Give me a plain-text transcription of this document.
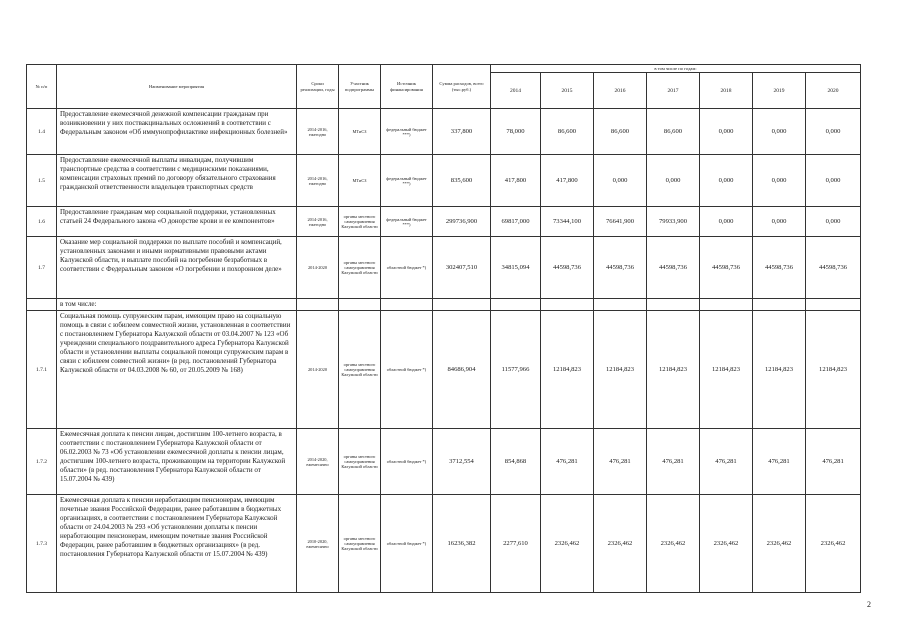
№ п/п	Наименование мероприятия	Сроки реализации, годы	Участник подпрограммы	Источник финансирования	Сумма расходов, всего (тыс.руб.)	в том числе по годам:						
						2014	2015	2016	2017	2018	2019	2020
1.4	Предоставление ежемесячной денежной компенсации гражданам при возникновении у них поствакцинальных осложнений в соответствии с Федеральным законом «Об иммунопрофилактике инфекционных болезней»	2014-2016, ежегодно	МТиСЗ	федеральный бюджет ***)	337,800	78,000	86,600	86,600	86,600	0,000	0,000	0,000
1.5	Предоставление ежемесячной выплаты инвалидам, получившим транспортные средства в соответствии с медицинскими показаниями, компенсации страховых премий по договору обязательного страхования гражданской ответственности владельцев транспортных средств	2014-2016, ежегодно	МТиСЗ	федеральный бюджет ***)	835,600	417,800	417,800	0,000	0,000	0,000	0,000	0,000
1.6	Предоставление гражданам мер социальной поддержки, установленных статьей 24 Федерального закона «О донорстве крови и ее компонентов»	2014-2016, ежегодно	органы местного самоуправления Калужской области	федеральный бюджет ***)	299736,900	69817,000	73344,100	76641,900	79933,900	0,000	0,000	0,000
1.7	Оказание мер социальной поддержки по выплате пособий и компенсаций, установленных законами и иными нормативными правовыми актами Калужской области, и выплате пособий на погребение безработных в соответствии с Федеральным законом «О погребении и похоронном деле»	2014-2020	органы местного самоуправления Калужской области	областной бюджет *)	302407,510	34815,094	44598,736	44598,736	44598,736	44598,736	44598,736	44598,736
	в том числе:											
1.7.1	Социальная помощь супружеским парам, имеющим право на социальную помощь в связи с юбилеем совместной жизни, установленная в соответствии с постановлением Губернатора Калужской области от 03.04.2007 № 123 «Об учреждении специального поздравительного адреса Губернатора Калужской области и установлении выплаты социальной помощи супружеским парам в связи с юбилеем совместной жизни» (в ред. постановлений Губернатора Калужской области от 04.03.2008 № 60, от 20.05.2009 № 168)	2014-2020	органы местного самоуправления Калужской области	областной бюджет *)	84686,904	11577,966	12184,823	12184,823	12184,823	12184,823	12184,823	12184,823
1.7.2	Ежемесячная доплата к пенсии лицам, достигшим 100-летнего возраста, в соответствии с постановлением Губернатора Калужской области от 06.02.2003 № 73 «Об установлении ежемесячной доплаты к пенсии лицам, достигшим 100-летнего возраста, проживающим на территории Калужской области» (в ред. постановления Губернатора Калужской области от 15.07.2004 № 439)	2014-2020, ежемесячно	органы местного самоуправления Калужской области	областной бюджет *)	3712,554	854,868	476,281	476,281	476,281	476,281	476,281	476,281
1.7.3	Ежемесячная доплата к пенсии неработающим пенсионерам, имеющим почетные звания Российской Федерации, ранее работавшим в бюджетных организациях, в соответствии с постановлением Губернатора Калужской области от 24.04.2003 № 293 «Об установлении доплаты к пенсии неработающим пенсионерам, имеющим почетные звания Российской Федерации, ранее работавшим в бюджетных организациях» (в ред. постановления Губернатора Калужской области от 15.07.2004 № 439)	2010-2020, ежемесячно	органы местного самоуправления Калужской области	областной бюджет *)	16236,382	2277,610	2326,462	2326,462	2326,462	2326,462	2326,462	2326,462
2
